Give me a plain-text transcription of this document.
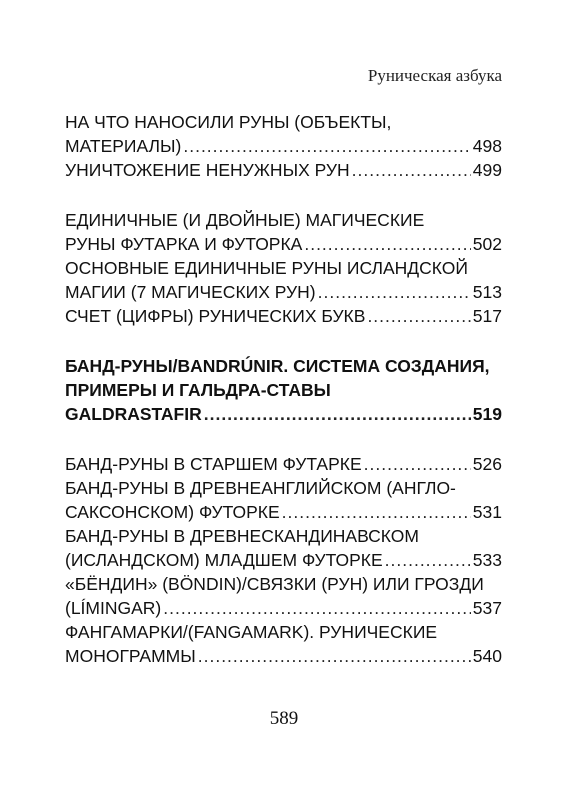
Руническая азбука
НА ЧТО НАНОСИЛИ РУНЫ (ОБЪЕКТЫ,
МАТЕРИАЛЫ) .....	498
УНИЧТОЖЕНИЕ НЕНУЖНЫХ РУН .....	499
ЕДИНИЧНЫЕ (И ДВОЙНЫЕ) МАГИЧЕСКИЕ
РУНЫ ФУТАРКА И ФУТОРКА .....	502
ОСНОВНЫЕ ЕДИНИЧНЫЕ РУНЫ ИСЛАНДСКОЙ
МАГИИ (7 МАГИЧЕСКИХ РУН) .....	513
СЧЕТ (ЦИФРЫ) РУНИЧЕСКИХ БУКВ .....	517
БАНД-РУНЫ/BANDRÚNIR. СИСТЕМА СОЗДАНИЯ,
ПРИМЕРЫ И ГАЛЬДРА-СТАВЫ
GALDRASTAFIR .....	519
БАНД-РУНЫ В СТАРШЕМ ФУТАРКЕ .....	526
БАНД-РУНЫ В ДРЕВНЕАНГЛИЙСКОМ (АНГЛО-
САКСОНСКОМ) ФУТОРКЕ .....	531
БАНД-РУНЫ В ДРЕВНЕСКАНДИНАВСКОМ
(ИСЛАНДСКОМ) МЛАДШЕМ ФУТОРКЕ .....	533
«БЁНДИН» (BÖNDIN)/СВЯЗКИ (РУН) ИЛИ ГРОЗДИ
(LÍMINGAR) .....	537
ФАНГАМАРКИ/(FANGAMARK). РУНИЧЕСКИЕ
МОНОГРАММЫ .....	540
589
